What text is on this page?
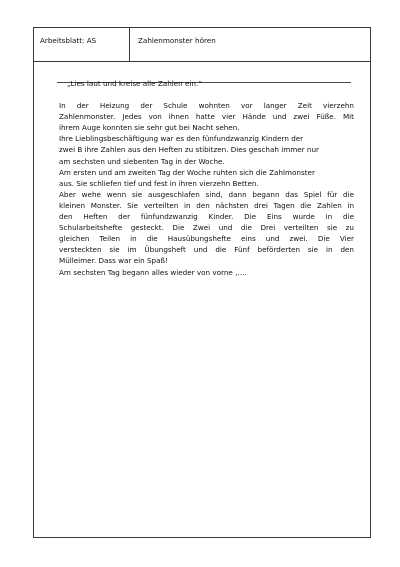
Arbeitsblatt: AS	Zahlenmonster hören
„Lies laut und kreise alle Zahlen ein.“
In der Heizung der Schule wohnten vor langer Zeit vierzehn
Zahlenmonster. Jedes von ihnen hatte vier Hände und zwei Füße. Mit
ihrem Auge konnten sie sehr gut bei Nacht sehen.
Ihre Lieblingsbeschäftigung war es den fünfundzwanzig Kindern der
zwei B ihre Zahlen aus den Heften zu stibitzen. Dies geschah immer nur
am sechsten und siebenten Tag in der Woche.
Am ersten und am zweiten Tag der Woche ruhten sich die Zahlmonster
aus. Sie schliefen tief und fest in ihren vierzehn Betten.
Aber wehe wenn sie ausgeschlafen sind, dann begann das Spiel für die
kleinen Monster. Sie verteilten in den nächsten drei Tagen die Zahlen in
den Heften der fünfundzwanzig Kinder. Die Eins wurde in die
Schularbeitshefte gesteckt. Die Zwei und die Drei verteilten sie zu
gleichen Teilen in die Hausübungshefte eins und zwei. Die Vier
versteckten sie im Übungsheft und die Fünf beförderten sie in den
Mülleimer. Dass war ein Spaß!
Am sechsten Tag begann alles wieder von vorne ,….
